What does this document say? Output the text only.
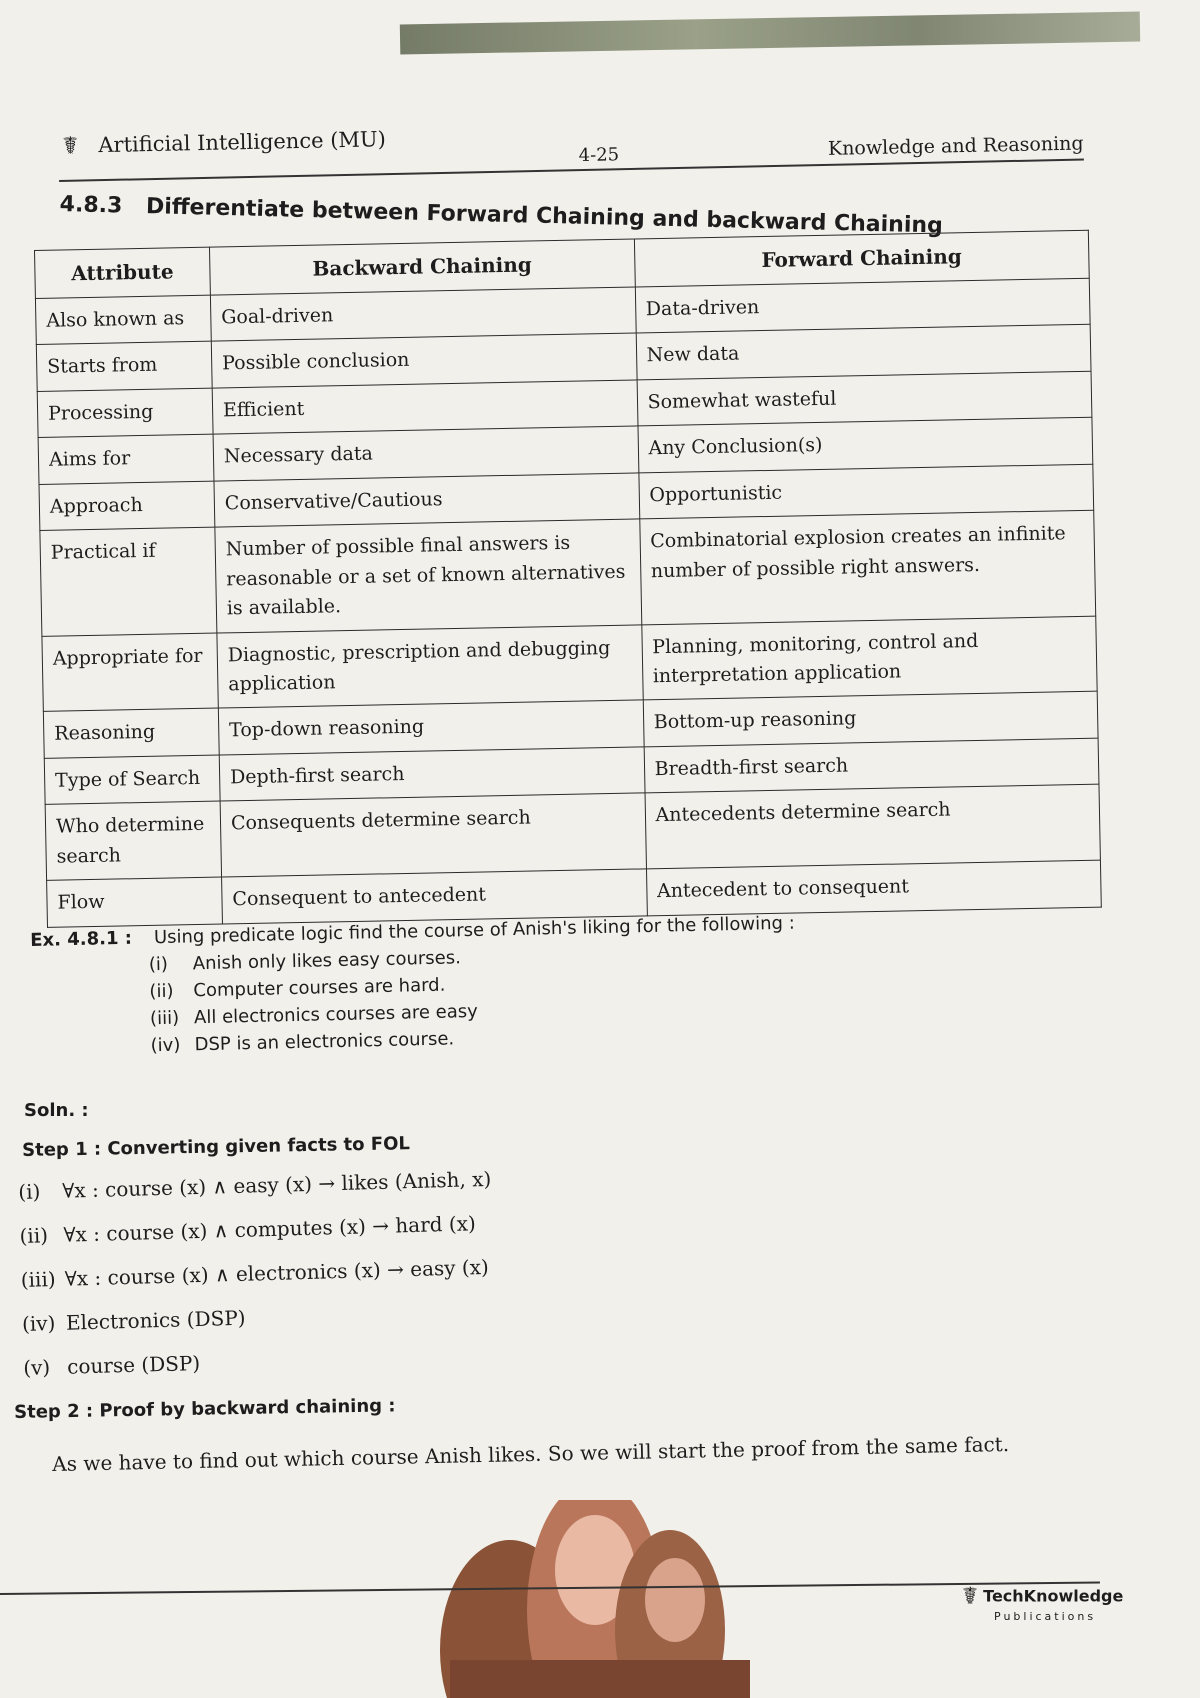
☤ Artificial Intelligence (MU)	4-25	Knowledge and Reasoning
4.8.3 Differentiate between Forward Chaining and backward Chaining
Attribute	Backward Chaining	Forward Chaining
Also known as	Goal-driven	Data-driven
Starts from	Possible conclusion	New data
Processing	Efficient	Somewhat wasteful
Aims for	Necessary data	Any Conclusion(s)
Approach	Conservative/Cautious	Opportunistic
Practical if	Number of possible final answers is reasonable or a set of known alternatives is available.	Combinatorial explosion creates an infinite number of possible right answers.
Appropriate for	Diagnostic, prescription and debugging application	Planning, monitoring, control and interpretation application
Reasoning	Top-down reasoning	Bottom-up reasoning
Type of Search	Depth-first search	Breadth-first search
Who determine search	Consequents determine search	Antecedents determine search
Flow	Consequent to antecedent	Antecedent to consequent
Ex. 4.8.1 : Using predicate logic find the course of Anish's liking for the following :
(i) Anish only likes easy courses.
(ii) Computer courses are hard.
(iii) All electronics courses are easy
(iv) DSP is an electronics course.
Soln. :
Step 1 : Converting given facts to FOL
(i) ∀x : course (x) ∧ easy (x) → likes (Anish, x)
(ii) ∀x : course (x) ∧ computes (x) → hard (x)
(iii) ∀x : course (x) ∧ electronics (x) → easy (x)
(iv) Electronics (DSP)
(v) course (DSP)
Step 2 : Proof by backward chaining :
As we have to find out which course Anish likes. So we will start the proof from the same fact.
☤ TechKnowledge
Publications
